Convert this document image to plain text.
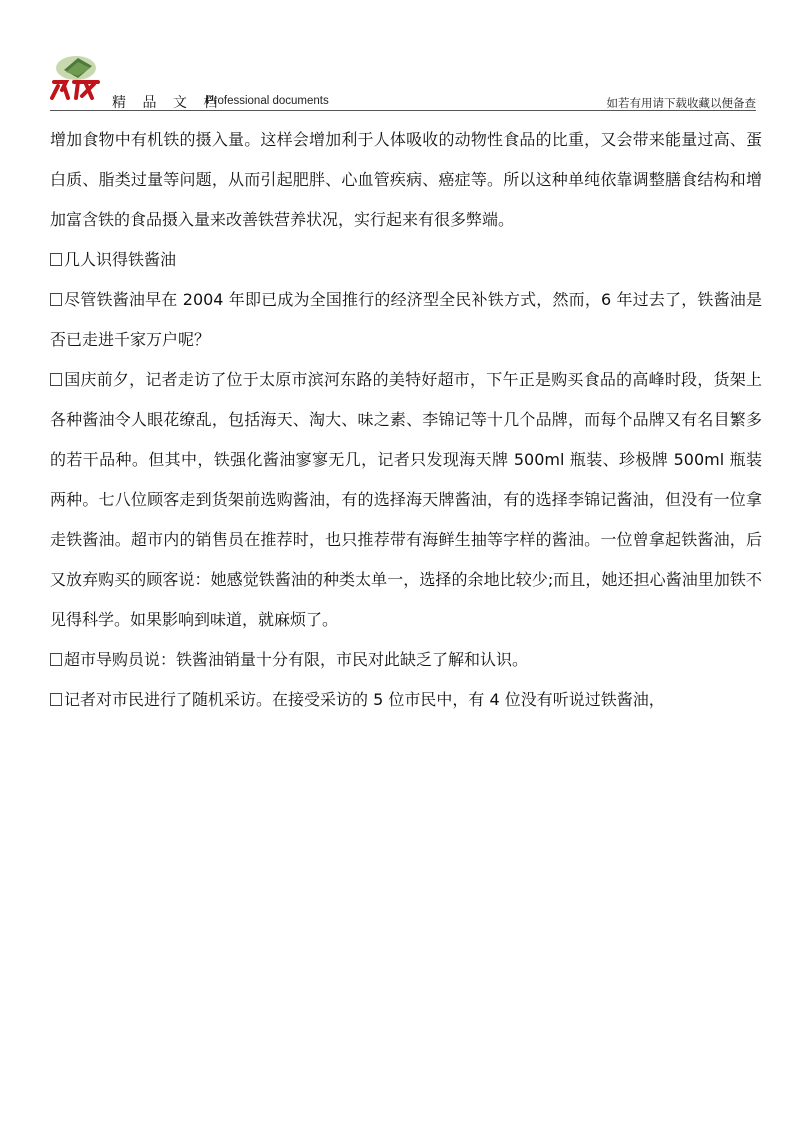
精 品 文 档
Professional documents	如若有用请下载收藏以便备查

增加食物中有机铁的摄入量。这样会增加利于人体吸收的动物性食品的比重，又会带来能量过高、蛋白质、脂类过量等问题，从而引起肥胖、心血管疾病、癌症等。所以这种单纯依靠调整膳食结构和增加富含铁的食品摄入量来改善铁营养状况，实行起来有很多弊端。

几人识得铁酱油

尽管铁酱油早在 2004 年即已成为全国推行的经济型全民补铁方式，然而，6 年过去了，铁酱油是否已走进千家万户呢？

国庆前夕，记者走访了位于太原市滨河东路的美特好超市，下午正是购买食品的高峰时段，货架上各种酱油令人眼花缭乱，包括海天、淘大、味之素、李锦记等十几个品牌，而每个品牌又有名目繁多的若干品种。但其中，铁强化酱油寥寥无几，记者只发现海天牌 500ml 瓶装、珍极牌 500ml 瓶装两种。七八位顾客走到货架前选购酱油，有的选择海天牌酱油，有的选择李锦记酱油，但没有一位拿走铁酱油。超市内的销售员在推荐时，也只推荐带有海鲜生抽等字样的酱油。一位曾拿起铁酱油，后又放弃购买的顾客说：她感觉铁酱油的种类太单一，选择的余地比较少;而且，她还担心酱油里加铁不见得科学。如果影响到味道，就麻烦了。

超市导购员说：铁酱油销量十分有限，市民对此缺乏了解和认识。

记者对市民进行了随机采访。在接受采访的 5 位市民中，有 4 位没有听说过铁酱油，
